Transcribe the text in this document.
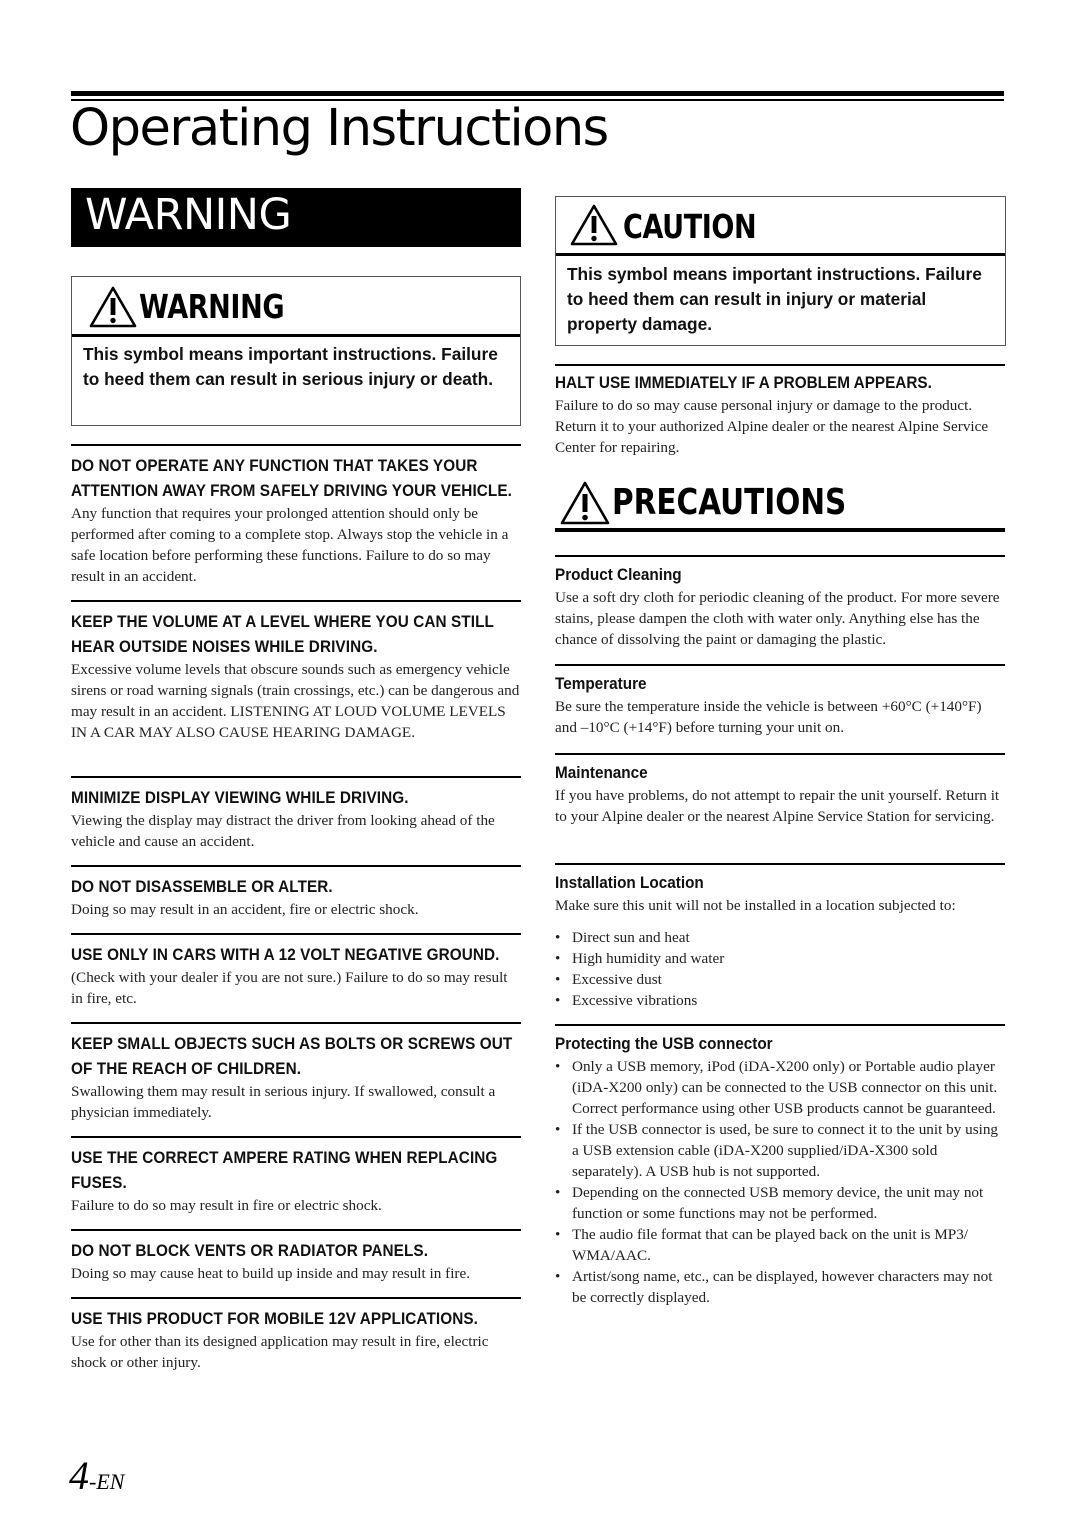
Operating Instructions
WARNING
WARNING
This symbol means important instructions. Failure to heed them can result in serious injury or death.
CAUTION
This symbol means important instructions. Failure to heed them can result in injury or material property damage.
DO NOT OPERATE ANY FUNCTION THAT TAKES YOUR ATTENTION AWAY FROM SAFELY DRIVING YOUR VEHICLE.

Any function that requires your prolonged attention should only be performed after coming to a complete stop. Always stop the vehicle in a safe location before performing these functions. Failure to do so may result in an accident.

KEEP THE VOLUME AT A LEVEL WHERE YOU CAN STILL HEAR OUTSIDE NOISES WHILE DRIVING.

Excessive volume levels that obscure sounds such as emergency vehicle sirens or road warning signals (train crossings, etc.) can be dangerous and may result in an accident. LISTENING AT LOUD VOLUME LEVELS IN A CAR MAY ALSO CAUSE HEARING DAMAGE.

MINIMIZE DISPLAY VIEWING WHILE DRIVING.

Viewing the display may distract the driver from looking ahead of the vehicle and cause an accident.

DO NOT DISASSEMBLE OR ALTER.

Doing so may result in an accident, fire or electric shock.

USE ONLY IN CARS WITH A 12 VOLT NEGATIVE GROUND.

(Check with your dealer if you are not sure.) Failure to do so may result in fire, etc.

KEEP SMALL OBJECTS SUCH AS BOLTS OR SCREWS OUT OF THE REACH OF CHILDREN.

Swallowing them may result in serious injury. If swallowed, consult a physician immediately.

USE THE CORRECT AMPERE RATING WHEN REPLACING FUSES.

Failure to do so may result in fire or electric shock.

DO NOT BLOCK VENTS OR RADIATOR PANELS.

Doing so may cause heat to build up inside and may result in fire.

USE THIS PRODUCT FOR MOBILE 12V APPLICATIONS.

Use for other than its designed application may result in fire, electric shock or other injury.

HALT USE IMMEDIATELY IF A PROBLEM APPEARS.

Failure to do so may cause personal injury or damage to the product. Return it to your authorized Alpine dealer or the nearest Alpine Service Center for repairing.

PRECAUTIONS
Product Cleaning

Use a soft dry cloth for periodic cleaning of the product. For more severe stains, please dampen the cloth with water only. Anything else has the chance of dissolving the paint or damaging the plastic.

Temperature

Be sure the temperature inside the vehicle is between +60°C (+140°F) and –10°C (+14°F) before turning your unit on.

Maintenance

If you have problems, do not attempt to repair the unit yourself. Return it to your Alpine dealer or the nearest Alpine Service Station for servicing.

Installation Location

Make sure this unit will not be installed in a location subjected to:

• Direct sun and heat
• High humidity and water
• Excessive dust
• Excessive vibrations
Protecting the USB connector
• Only a USB memory, iPod (iDA-X200 only) or Portable audio player (iDA-X200 only) can be connected to the USB connector on this unit. Correct performance using other USB products cannot be guaranteed.
• If the USB connector is used, be sure to connect it to the unit by using a USB extension cable (iDA-X200 supplied/iDA-X300 sold separately). A USB hub is not supported.
• Depending on the connected USB memory device, the unit may not function or some functions may not be performed.
• The audio file format that can be played back on the unit is MP3/ WMA/AAC.
• Artist/song name, etc., can be displayed, however characters may not be correctly displayed.
4-EN
